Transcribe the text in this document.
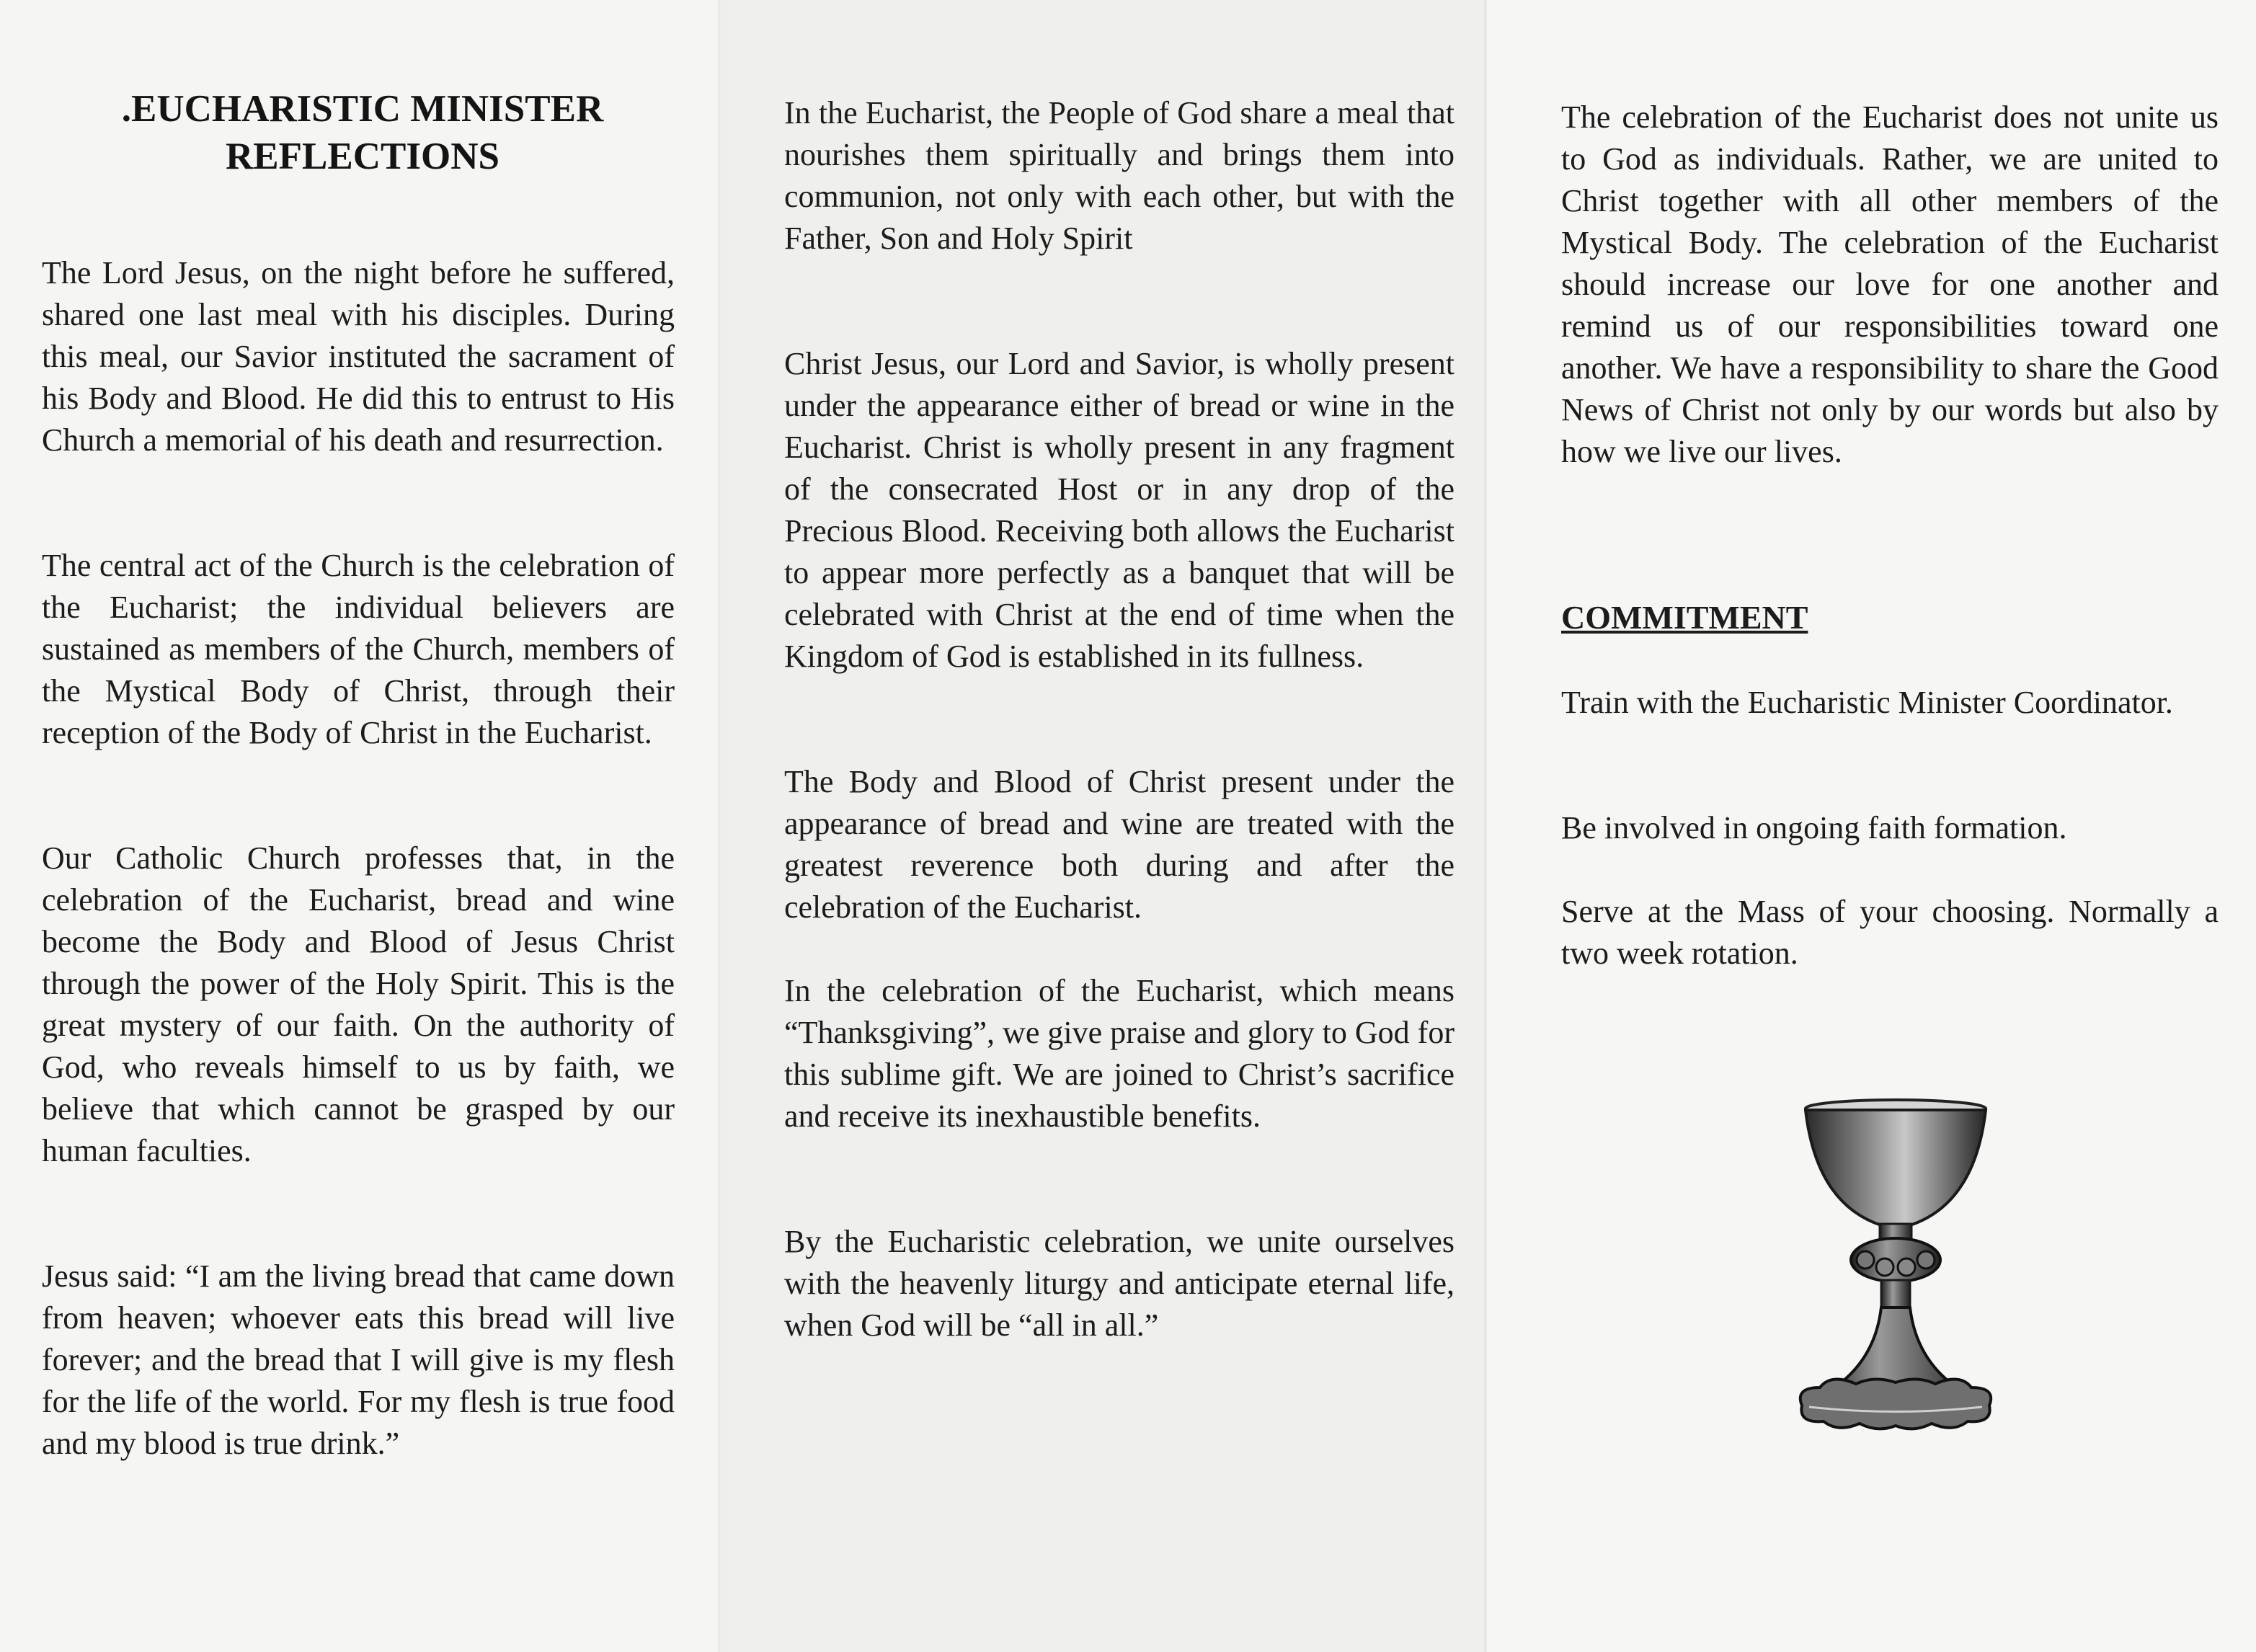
.EUCHARISTIC MINISTER
REFLECTIONS

The Lord Jesus, on the night before he suffered, shared one last meal with his disciples. During this meal, our Savior instituted the sacrament of his Body and Blood. He did this to entrust to His Church a memorial of his death and resurrection.

The central act of the Church is the celebration of the Eucharist; the individual believers are sustained as members of the Church, members of the Mystical Body of Christ, through their reception of the Body of Christ in the Eucharist.

Our Catholic Church professes that, in the celebration of the Eucharist, bread and wine become the Body and Blood of Jesus Christ through the power of the Holy Spirit. This is the great mystery of our faith. On the authority of God, who reveals himself to us by faith, we believe that which cannot be grasped by our human faculties.

Jesus said: “I am the living bread that came down from heaven; whoever eats this bread will live forever; and the bread that I will give is my flesh for the life of the world. For my flesh is true food and my blood is true drink.”

In the Eucharist, the People of God share a meal that nourishes them spiritually and brings them into communion, not only with each other, but with the Father, Son and Holy Spirit

Christ Jesus, our Lord and Savior, is wholly present under the appearance either of bread or wine in the Eucharist. Christ is wholly present in any fragment of the consecrated Host or in any drop of the Precious Blood. Receiving both allows the Eucharist to appear more perfectly as a banquet that will be celebrated with Christ at the end of time when the Kingdom of God is established in its fullness.

The Body and Blood of Christ present under the appearance of bread and wine are treated with the greatest reverence both during and after the celebration of the Eucharist.

In the celebration of the Eucharist, which means “Thanksgiving”, we give praise and glory to God for this sublime gift. We are joined to Christ’s sacrifice and receive its inexhaustible benefits.

By the Eucharistic celebration, we unite ourselves with the heavenly liturgy and anticipate eternal life, when God will be “all in all.”

The celebration of the Eucharist does not unite us to God as individuals. Rather, we are united to Christ together with all other members of the Mystical Body. The celebration of the Eucharist should increase our love for one another and remind us of our responsibilities toward one another. We have a responsibility to share the Good News of Christ not only by our words but also by how we live our lives.

COMMITMENT

Train with the Eucharistic Minister Coordinator.

Be involved in ongoing faith formation.

Serve at the Mass of your choosing. Normally a two week rotation.
